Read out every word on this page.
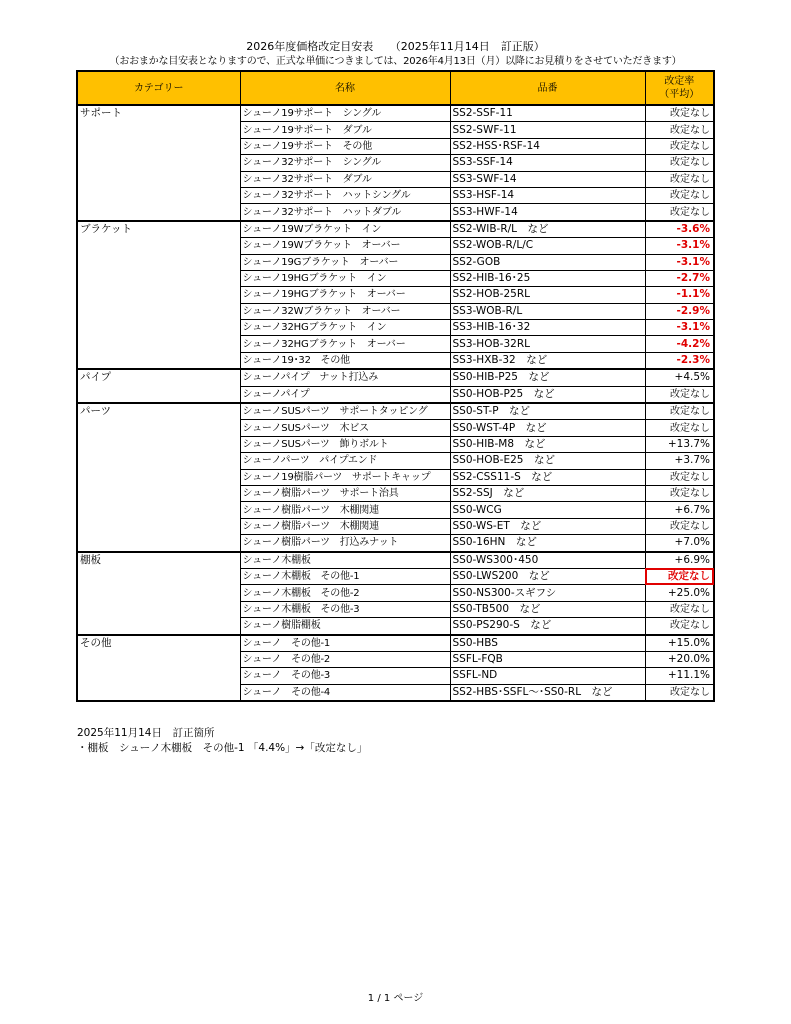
2026年度価格改定目安表　　（2025年11月14日　訂正版）
（おおまかな目安表となりますので、正式な単価につきましては、2026年4月13日（月）以降にお見積りをさせていただきます）
カテゴリー	名称	品番	改定率
（平均）

サポート	シューノ19サポート　シングル	SS2-SSF-11	改定なし
	シューノ19サポート　ダブル	SS2-SWF-11	改定なし
	シューノ19サポート　その他	SS2-HSS･RSF-14	改定なし
	シューノ32サポート　シングル	SS3-SSF-14	改定なし
	シューノ32サポート　ダブル	SS3-SWF-14	改定なし
	シューノ32サポート　ハットシングル	SS3-HSF-14	改定なし
	シューノ32サポート　ハットダブル	SS3-HWF-14	改定なし
ブラケット	シューノ19Wブラケット　イン	SS2-WIB-R/L　など	-3.6%
	シューノ19Wブラケット　オーバー	SS2-WOB-R/L/C	-3.1%
	シューノ19Gブラケット　オーバー	SS2-GOB	-3.1%
	シューノ19HGブラケット　イン	SS2-HIB-16･25	-2.7%
	シューノ19HGブラケット　オーバー	SS2-HOB-25RL	-1.1%
	シューノ32Wブラケット　オーバー	SS3-WOB-R/L	-2.9%
	シューノ32HGブラケット　イン	SS3-HIB-16･32	-3.1%
	シューノ32HGブラケット　オーバー	SS3-HOB-32RL	-4.2%
	シューノ19･32　その他	SS3-HXB-32　など	-2.3%
パイプ	シューノパイプ　ナット打込み	SS0-HIB-P25　など	+4.5%
	シューノパイプ	SS0-HOB-P25　など	改定なし
パーツ	シューノSUSパーツ　サポートタッピング	SS0-ST-P　など	改定なし
	シューノSUSパーツ　木ビス	SS0-WST-4P　など	改定なし
	シューノSUSパーツ　飾りボルト	SS0-HIB-M8　など	+13.7%
	シューノパーツ　パイプエンド	SS0-HOB-E25　など	+3.7%
	シューノ19樹脂パーツ　サポートキャップ	SS2-CSS11-S　など	改定なし
	シューノ樹脂パーツ　サポート治具	SS2-SSJ　など	改定なし
	シューノ樹脂パーツ　木棚関連	SS0-WCG	+6.7%
	シューノ樹脂パーツ　木棚関連	SS0-WS-ET　など	改定なし
	シューノ樹脂パーツ　打込みナット	SS0-16HN　など	+7.0%
棚板	シューノ木棚板	SS0-WS300･450	+6.9%
	シューノ木棚板　その他-1	SS0-LWS200　など	改定なし
	シューノ木棚板　その他-2	SS0-NS300-スギフシ	+25.0%
	シューノ木棚板　その他-3	SS0-TB500　など	改定なし
	シューノ樹脂棚板	SS0-PS290-S　など	改定なし
その他	シューノ　その他-1	SS0-HBS	+15.0%
	シューノ　その他-2	SSFL-FQB	+20.0%
	シューノ　その他-3	SSFL-ND	+11.1%
	シューノ　その他-4	SS2-HBS･SSFL～･SS0-RL　など	改定なし
2025年11月14日　訂正箇所
・棚板　シューノ木棚板　その他-1 「4.4%」→「改定なし」
1 / 1 ページ
